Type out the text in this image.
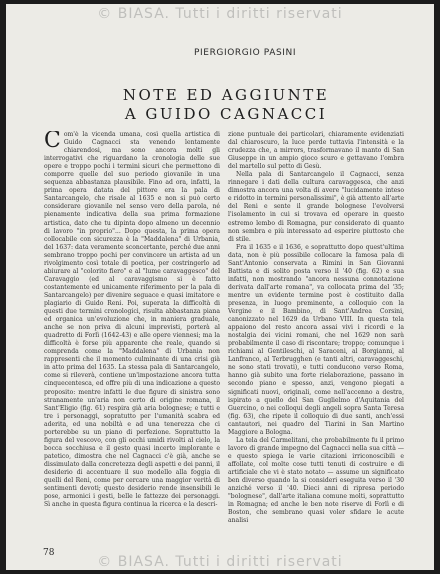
© BIASA. Tutti i diritti riservati
PIERGIORGIO PASINI
NOTE ED AGGIUNTE
A GUIDO CAGNACCI

Com'è la vicenda umana, così quella artistica di Guido Cagnacci sta venendo lentamente chiarendosi, ma sono ancora molti gli interrogativi che riguardano la cronologia delle sue opere e troppo pochi i termini sicuri che permettono di comporre quelle del suo periodo giovanile in una sequenza abbastanza plausibile. Fino ad ora, infatti, la prima opera datata del pittore era la pala di Santarcangelo, che risale al 1635 e non si può certo considerare giovanile nel senso vero della parola, né pienamente indicativa della sua prima formazione artistica, dato che tu dipinta dopo almeno un decennio di lavoro "in proprio"... Dopo questa, la prima opera collocabile con sicurezza è la "Maddalena" di Urbania, del 1637: data veramente sconcertante, perché due anni sembrano troppo pochi per convincere un artista ad un rivolgimento così totale di poetica, per costringerlo ad abiurare al "colorito fiero" e al "lume caravaggesco" del Caravaggio (ed al caravaggismo si è fatto costantemente ed unicamente riferimento per la pala di Santarcangelo) per divenire seguace e quasi imitatore e plagiario di Guido Reni. Poi, superata la difficoltà di questi due termini cronologici, risulta abbastanza piana ed organica un'evoluzione che, in maniera graduale, anche se non priva di alcuni imprevisti, porterà al quadretto di Forlì (1642-43) e alle opere viennesi; ma la difficoltà è forse più apparente che reale, quando si comprenda come la "Maddalena" di Urbania non rappresenti che il momento culminante di una crisi già in atto prima del 1635. La stessa pala di Santarcangelo, come si rileverà, contiene un'impostazione ancora tutta cinquecentesca, ed offre più di una indicazione a questo proposito: mentre infatti le due figure di sinistra sono stranamente un'aria non certo di origine romana, il Sant'Eligio (fig. 61) respira già aria bolognese; e tutti e tre i personaggi, sopratutto per l'umanità scabra ed aderita, ed una nobiltà e ad una tenerezza che ci porterebbe su un piano di perfezione. Soprattutto la figura del vescovo, con gli occhi umidi rivolti al cielo, la bocca socchiusa e il gesto quasi incerto implorante e patetico, dimostra che nel Cagnacci c'è già, anche se dissimulato dalla concretezza degli aspetti e dei panni, il desiderio di accentuare il suo modello alla foggia di quelli del Reni, come per cercare una maggior verità di sentimenti devoti; questo desiderio rende insensibili le pose, armonici i gesti, belle le fattezze dei personaggi. Sì anche in questa figura continua la ricerca e la descri-

zione puntuale dei particolari, chiaramente evidenziati dal chiaroscuro, la luce perde tuttavia l'intensità e la crudezza che, a mirrors, trasformavano il manto di San Giuseppe in un ampio gioco scuro e gettavano l'ombra del martello sul petto di Gesù.

Nella pala di Santarcangelo il Cagnacci, senza rinnegare i dati della cultura caravaggesca, che anzi dimostra ancora una volta di avere "lucidamente inteso e ridotto in termini personalissimi", è già attento all'arte del Reni e sente il grande bolognese l'evolversi l'isolamento in cui si trovava ed operare in questo estremo lembo di Romagna, pur considerato di quanto non sembra e più interessato ad esperire piuttosto che di stile.

Fra il 1635 e il 1636, e soprattutto dopo quest'ultima data, non è più possibile collocare la famosa pala di Sant'Antonio conservata a Rimini in San Giovanni Battista e di solito posta verso il '40 (fig. 62) e sua infatti, non mostrando "ancora nessuna connotazione derivata dall'arte romana", va collocata prima del '35; mentre un evidente termine post è costituito dalla presenza, in luogo preminente, a colloquio con la Vergine e il Bambino, di Sant'Andrea Corsini, canonizzato nel 1629 da Urbano VIII. In questa tela appaiono del resto ancora assai vivi i ricordi e la nostalgia dei vicini romani, che nel 1629 non sarà probabilmente il caso di riscontare; troppo; comunque i richiami al Gentileschi, al Saraceni, al Borgianni, al Lanfranco, al Terbrugghen (e tanti altri, caravaggeschi, ne sono stati trovati), e tutti conducono verso Roma, hanno già subito una forte rielaborazione, passano in secondo piano e spesso, anzi, vengono piegati a significati nuovi, originali, come nell'accenno a destra, ispirato a quello del San Guglielmo d'Aquitania del Guercino, o nei colloqui degli angeli sopra Santa Teresa (fig. 63), che ripete il colloquio di due santi, anch'essi cantautori, nei quadro del Tiarini in San Martino Maggiore a Bologna.

La tela del Carmelitani, che probabilmente fu il primo lavoro di grande impegno del Cagnacci nella sua città — e questo spiega le varie citazioni irriconoscibili e affollate, col molte cose tutti tenuti di costruire e di artificiale che vi è stato notato — assume un significato ben diverso quando la si consideri eseguita verso il '30 anziché verso il '40. Dieci anni di ripresa periodo "bolognese", dall'arte italiana comune molti, soprattutto in Romagna; ed anche le ben note riserve di Forlì e di Boston, che sembrano quasi voler sfidare le acute analisi

78
© BIASA. Tutti i diritti riservati
